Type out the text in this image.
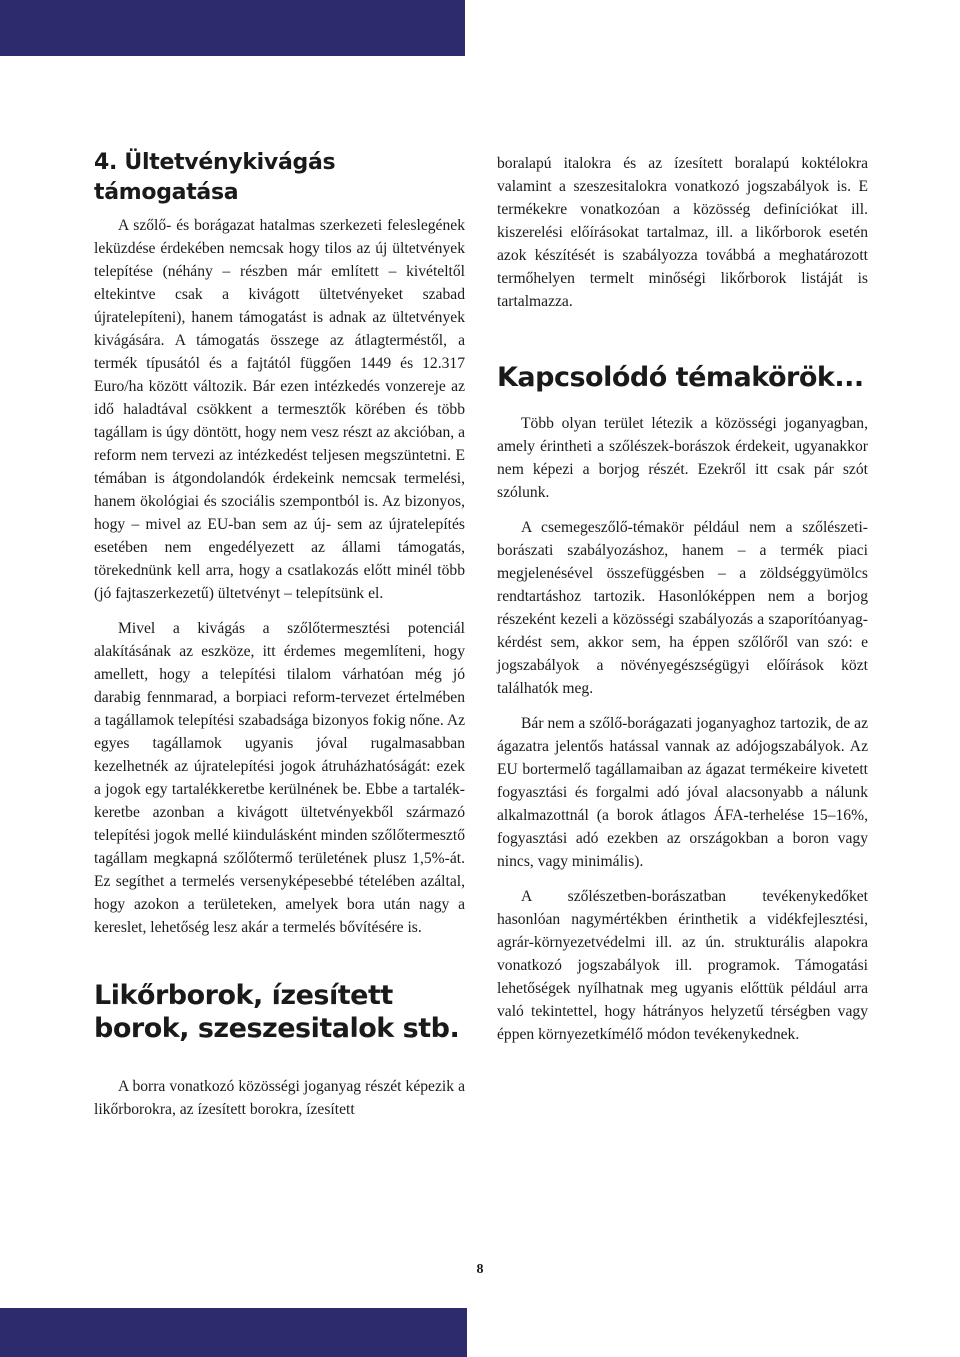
4. Ültetvénykivágás támogatása

A szőlő- és borágazat hatalmas szerkezeti feleslegének leküzdése érdekében nemcsak hogy tilos az új ültetvények telepítése (néhány – részben már említett – kivételtől eltekintve csak a kivágott ültetvényeket szabad újratelepíteni), hanem támogatást is adnak az ültetvények kivágására. A támogatás összege az átlagterméstől, a termék típusától és a fajtától függően 1449 és 12.317 Euro/ha között változik. Bár ezen intézkedés vonzereje az idő haladtával csökkent a termesztők körében és több tagállam is úgy döntött, hogy nem vesz részt az akcióban, a reform nem tervezi az intézkedést teljesen megszüntetni. E témában is átgondolandók érdekeink nemcsak termelési, hanem ökológiai és szociális szempontból is. Az bizonyos, hogy – mivel az EU-ban sem az új- sem az újratelepítés esetében nem engedélyezett az állami támogatás, törekednünk kell arra, hogy a csatlakozás előtt minél több (jó fajtaszerkezetű) ültetvényt – telepítsünk el.

Mivel a kivágás a szőlőtermesztési potenciál alakításának az eszköze, itt érdemes megemlíteni, hogy amellett, hogy a telepítési tilalom várhatóan még jó darabig fennmarad, a borpiaci reform-tervezet értelmében a tagállamok telepítési szabadsága bizonyos fokig nőne. Az egyes tagállamok ugyanis jóval rugalmasabban kezelhetnék az újratelepítési jogok átruházhatóságát: ezek a jogok egy tartalékkeretbe kerülnének be. Ebbe a tartalék-keretbe azonban a kivágott ültetvényekből származó telepítési jogok mellé kiindulásként minden szőlőtermesztő tagállam megkapná szőlőtermő területének plusz 1,5%-át. Ez segíthet a termelés versenyképesebbé tételében azáltal, hogy azokon a területeken, amelyek bora után nagy a kereslet, lehetőség lesz akár a termelés bővítésére is.

Likőrborok, ízesített borok, szeszesitalok stb.

A borra vonatkozó közösségi joganyag részét képezik a likőrborokra, az ízesített borokra, ízesített

boralapú italokra és az ízesített boralapú koktélokra valamint a szeszesitalokra vonatkozó jogszabályok is. E termékekre vonatkozóan a közösség definíciókat ill. kiszerelési előírásokat tartalmaz, ill. a likőrborok esetén azok készítését is szabályozza továbbá a meghatározott termőhelyen termelt minőségi likőrborok listáját is tartalmazza.

Kapcsolódó témakörök...

Több olyan terület létezik a közösségi joganyagban, amely érintheti a szőlészek-borászok érdekeit, ugyanakkor nem képezi a borjog részét. Ezekről itt csak pár szót szólunk.

A csemegeszőlő-témakör például nem a szőlészeti-borászati szabályozáshoz, hanem – a termék piaci megjelenésével összefüggésben – a zöldséggyümölcs rendtartáshoz tartozik. Hasonlóképpen nem a borjog részeként kezeli a közösségi szabályozás a szaporítóanyag-kérdést sem, akkor sem, ha éppen szőlőről van szó: e jogszabályok a növényegészségügyi előírások közt találhatók meg.

Bár nem a szőlő-borágazati joganyaghoz tartozik, de az ágazatra jelentős hatással vannak az adójogszabályok. Az EU bortermelő tagállamaiban az ágazat termékeire kivetett fogyasztási és forgalmi adó jóval alacsonyabb a nálunk alkalmazottnál (a borok átlagos ÁFA-terhelése 15–16%, fogyasztási adó ezekben az országokban a boron vagy nincs, vagy minimális).

A szőlészetben-borászatban tevékenykedőket hasonlóan nagymértékben érinthetik a vidékfejlesztési, agrár-környezetvédelmi ill. az ún. strukturális alapokra vonatkozó jogszabályok ill. programok. Támogatási lehetőségek nyílhatnak meg ugyanis előttük például arra való tekintettel, hogy hátrányos helyzetű térségben vagy éppen környezetkímélő módon tevékenykednek.

8
